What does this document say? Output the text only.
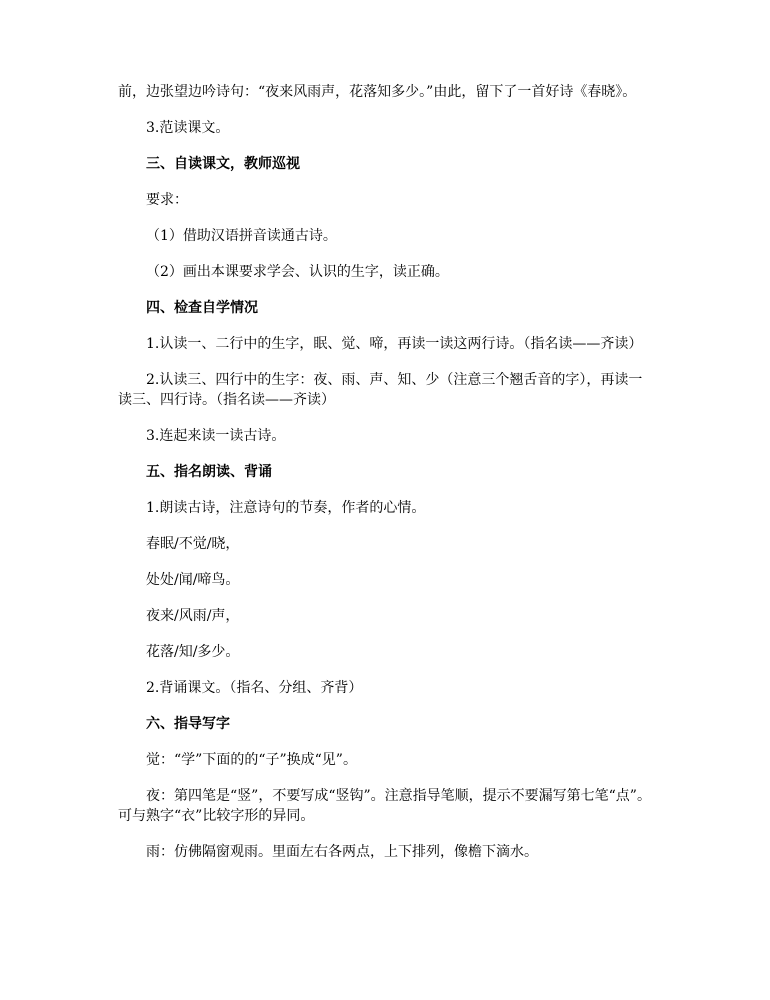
前，边张望边吟诗句：“夜来风雨声，花落知多少。”由此，留下了一首好诗《春晓》。

3.范读课文。

三、自读课文，教师巡视

要求：

（1）借助汉语拼音读通古诗。

（2）画出本课要求学会、认识的生字，读正确。

四、检查自学情况

1.认读一、二行中的生字，眠、觉、啼，再读一读这两行诗。（指名读——齐读）

2.认读三、四行中的生字：夜、雨、声、知、少（注意三个翘舌音的字），再读一读三、四行诗。（指名读——齐读）

3.连起来读一读古诗。

五、指名朗读、背诵

1.朗读古诗，注意诗句的节奏，作者的心情。

春眠/不觉/晓，

处处/闻/啼鸟。

夜来/风雨/声，

花落/知/多少。

2.背诵课文。（指名、分组、齐背）

六、指导写字

觉：“学”下面的的“子”换成“见”。

夜：第四笔是“竖”，不要写成“竖钩”。注意指导笔顺，提示不要漏写第七笔“点”。可与熟字“衣”比较字形的异同。

雨：仿佛隔窗观雨。里面左右各两点，上下排列，像檐下滴水。
